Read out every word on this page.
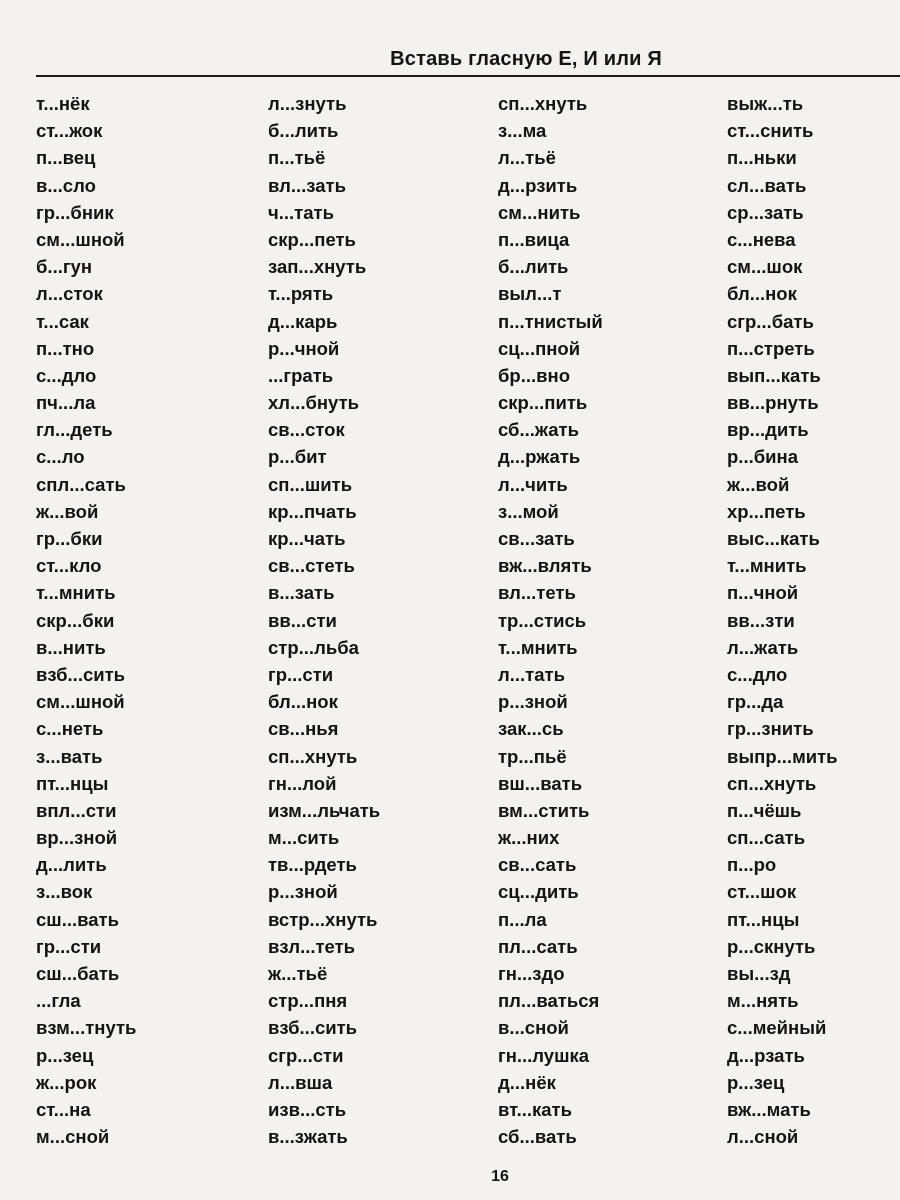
Вставь гласную Е, И или Я
т...нёк
ст...жок
п...вец
в...сло
гр...бник
см...шной
б...гун
л...сток
т...сак
п...тно
с...дло
пч...ла
гл...деть
с...ло
спл...сать
ж...вой
гр...бки
ст...кло
т...мнить
скр...бки
в...нить
взб...сить
см...шной
с...неть
з...вать
пт...нцы
впл...сти
вр...зной
д...лить
з...вок
сш...вать
гр...сти
сш...бать
...гла
взм...тнуть
р...зец
ж...рок
ст...на
м...сной
л...знуть
б...лить
п...тьё
вл...зать
ч...тать
скр...петь
зап...хнуть
т...рять
д...карь
р...чной
...грать
хл...бнуть
св...сток
р...бит
сп...шить
кр...пчать
кр...чать
св...стеть
в...зать
вв...сти
стр...льба
гр...сти
бл...нок
св...нья
сп...хнуть
гн...лой
изм...льчать
м...сить
тв...рдеть
р...зной
встр...хнуть
взл...теть
ж...тьё
стр...пня
взб...сить
сгр...сти
л...вша
изв...сть
в...зжать
сп...хнуть
з...ма
л...тьё
д...рзить
см...нить
п...вица
б...лить
выл...т
п...тнистый
сц...пной
бр...вно
скр...пить
сб...жать
д...ржать
л...чить
з...мой
св...зать
вж...влять
вл...теть
тр...стись
т...мнить
л...тать
р...зной
зак...сь
тр...пьё
вш...вать
вм...стить
ж...них
св...сать
сц...дить
п...ла
пл...сать
гн...здо
пл...ваться
в...сной
гн...лушка
д...нёк
вт...кать
сб...вать
выж...ть
ст...снить
п...ньки
сл...вать
ср...зать
с...нева
см...шок
бл...нок
сгр...бать
п...стреть
вып...кать
вв...рнуть
вр...дить
р...бина
ж...вой
хр...петь
выс...кать
т...мнить
п...чной
вв...зти
л...жать
с...дло
гр...да
гр...знить
выпр...мить
сп...хнуть
п...чёшь
сп...сать
п...ро
ст...шок
пт...нцы
р...скнуть
вы...зд
м...нять
с...мейный
д...рзать
р...зец
вж...мать
л...сной
16
